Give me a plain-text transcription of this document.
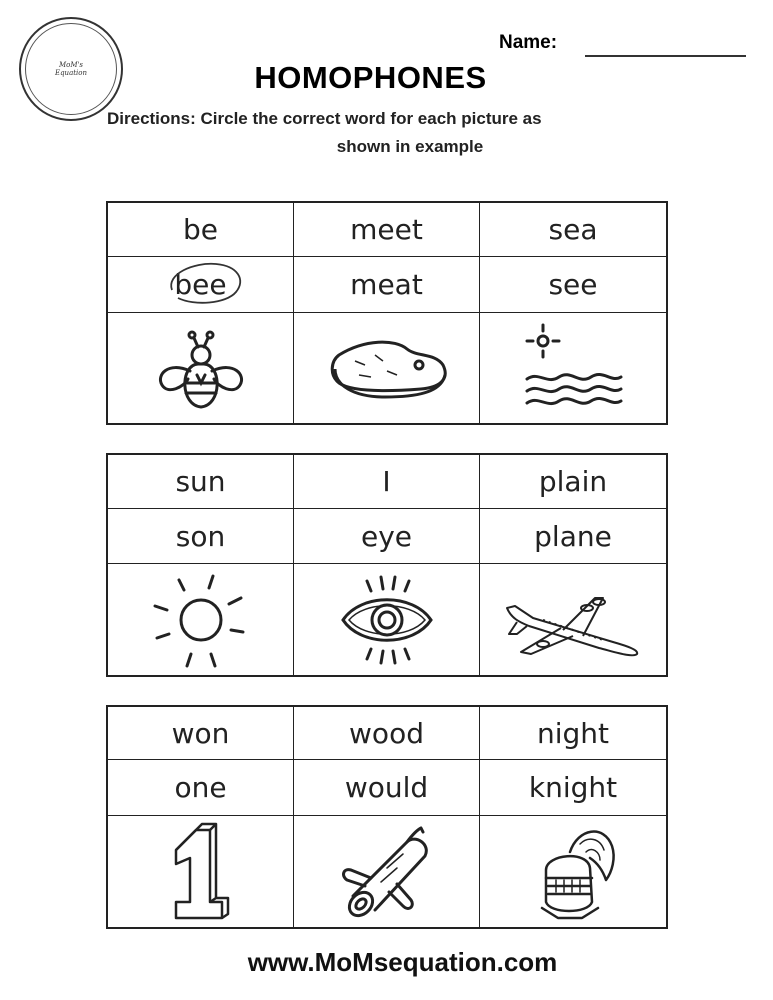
MoM's
Equation
Name:
HOMOPHONES
Directions: Circle the correct word for each picture as
shown in example
be	meet	sea
bee	meat	see
sun	I	plain
son	eye	plane
won	wood	night
one	would	knight
www.MoMsequation.com
